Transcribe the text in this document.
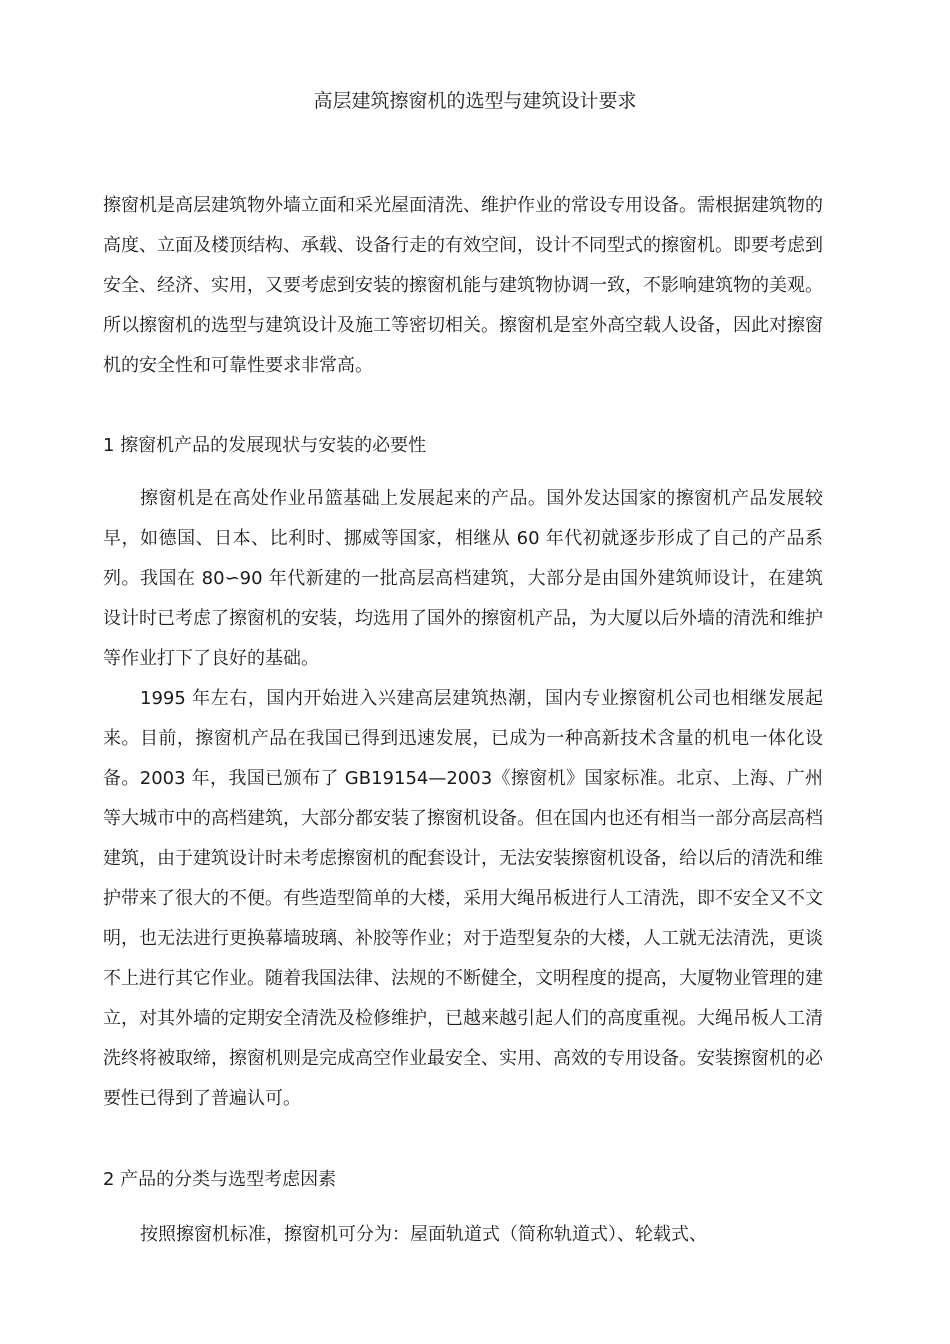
高层建筑擦窗机的选型与建筑设计要求

擦窗机是高层建筑物外墙立面和采光屋面清洗、维护作业的常设专用设备。需根据建筑物的高度、立面及楼顶结构、承载、设备行走的有效空间，设计不同型式的擦窗机。即要考虑到安全、经济、实用，又要考虑到安装的擦窗机能与建筑物协调一致，不影响建筑物的美观。所以擦窗机的选型与建筑设计及施工等密切相关。擦窗机是室外高空载人设备，因此对擦窗机的安全性和可靠性要求非常高。

1 擦窗机产品的发展现状与安装的必要性

擦窗机是在高处作业吊篮基础上发展起来的产品。国外发达国家的擦窗机产品发展较早，如德国、日本、比利时、挪威等国家，相继从 60 年代初就逐步形成了自己的产品系列。我国在 80∽90 年代新建的一批高层高档建筑，大部分是由国外建筑师设计，在建筑设计时已考虑了擦窗机的安装，均选用了国外的擦窗机产品，为大厦以后外墙的清洗和维护等作业打下了良好的基础。

1995 年左右，国内开始进入兴建高层建筑热潮，国内专业擦窗机公司也相继发展起来。目前，擦窗机产品在我国已得到迅速发展，已成为一种高新技术含量的机电一体化设备。2003 年，我国已颁布了 GB19154—2003《擦窗机》国家标准。北京、上海、广州等大城市中的高档建筑，大部分都安装了擦窗机设备。但在国内也还有相当一部分高层高档建筑，由于建筑设计时未考虑擦窗机的配套设计，无法安装擦窗机设备，给以后的清洗和维护带来了很大的不便。有些造型简单的大楼，采用大绳吊板进行人工清洗，即不安全又不文明，也无法进行更换幕墙玻璃、补胶等作业；对于造型复杂的大楼，人工就无法清洗，更谈不上进行其它作业。随着我国法律、法规的不断健全，文明程度的提高，大厦物业管理的建立，对其外墙的定期安全清洗及检修维护，已越来越引起人们的高度重视。大绳吊板人工清洗终将被取缔，擦窗机则是完成高空作业最安全、实用、高效的专用设备。安装擦窗机的必要性已得到了普遍认可。

2 产品的分类与选型考虑因素

按照擦窗机标准，擦窗机可分为：屋面轨道式（简称轨道式）、轮载式、
